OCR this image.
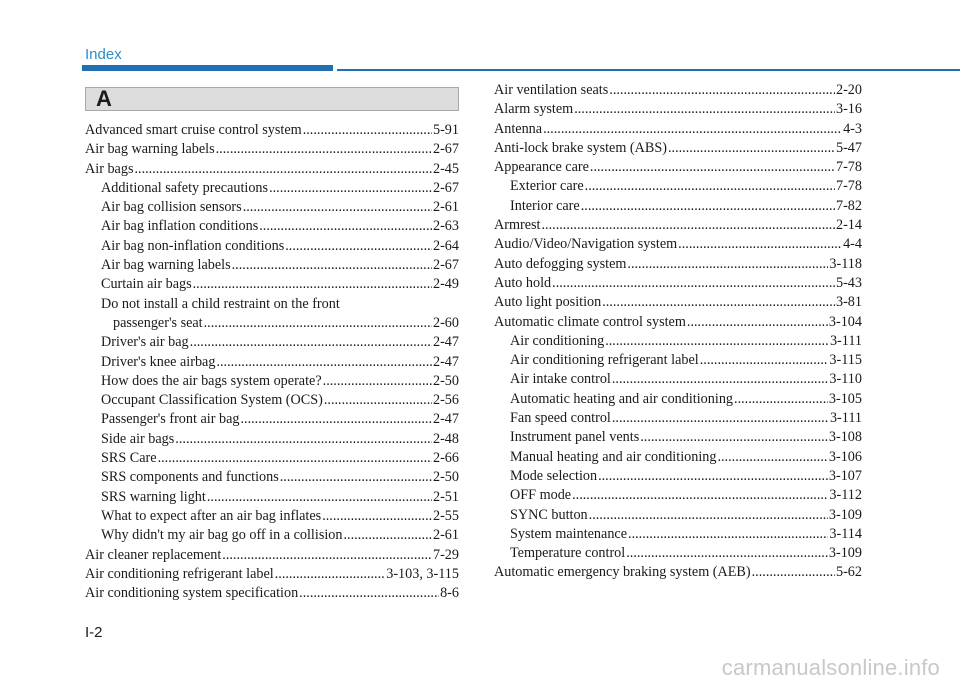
Index
A
Advanced smart cruise control system .....	5-91
Air bag warning labels .....	2-67
Air bags .....	2-45
Additional safety precautions .....	2-67
Air bag collision sensors .....	2-61
Air bag inflation conditions .....	2-63
Air bag non-inflation conditions .....	2-64
Air bag warning labels .....	2-67
Curtain air bags .....	2-49
Do not install a child restraint on the front
passenger's seat .....	2-60
Driver's air bag .....	2-47
Driver's knee airbag .....	2-47
How does the air bags system operate? .....	2-50
Occupant Classification System (OCS) .....	2-56
Passenger's front air bag .....	2-47
Side air bags .....	2-48
SRS Care .....	2-66
SRS components and functions .....	2-50
SRS warning light .....	2-51
What to expect after an air bag inflates .....	2-55
Why didn't my air bag go off in a collision .....	2-61
Air cleaner replacement .....	7-29
Air conditioning refrigerant label .....	3-103, 3-115
Air conditioning system specification .....	8-6
Air ventilation seats .....	2-20
Alarm system .....	3-16
Antenna .....	4-3
Anti-lock brake system (ABS) .....	5-47
Appearance care .....	7-78
Exterior care .....	7-78
Interior care .....	7-82
Armrest .....	2-14
Audio/Video/Navigation system .....	4-4
Auto defogging system .....	3-118
Auto hold .....	5-43
Auto light position .....	3-81
Automatic climate control system .....	3-104
Air conditioning .....	3-111
Air conditioning refrigerant label .....	3-115
Air intake control .....	3-110
Automatic heating and air conditioning .....	3-105
Fan speed control .....	3-111
Instrument panel vents .....	3-108
Manual heating and air conditioning .....	3-106
Mode selection .....	3-107
OFF mode .....	3-112
SYNC button .....	3-109
System maintenance .....	3-114
Temperature control .....	3-109
Automatic emergency braking system (AEB) .....	5-62
I-2
carmanualsonline.info
